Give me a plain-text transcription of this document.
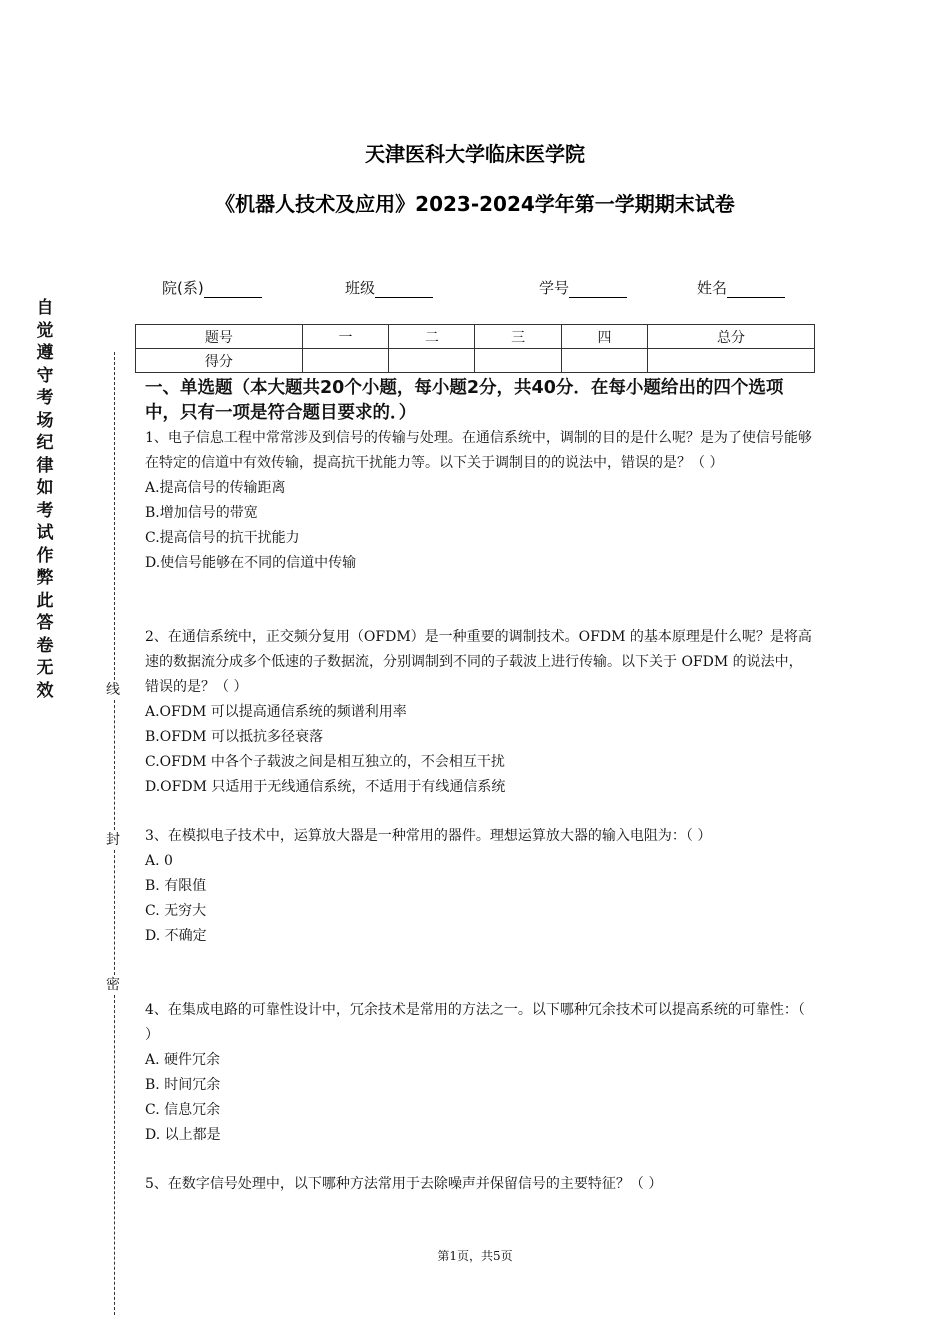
天津医科大学临床医学院
《机器人技术及应用》2023-2024学年第一学期期末试卷
院(系)	班级	学号	姓名
题号	一	二	三	四	总分
得分					
自觉遵守考场纪律如考试作弊此答卷无效	线
封
密
一、单选题（本大题共20个小题，每小题2分，共40分．在每小题给出的四个选项中，只有一项是符合题目要求的．）

1、电子信息工程中常常涉及到信号的传输与处理。在通信系统中，调制的目的是什么呢？是为了使信号能够在特定的信道中有效传输，提高抗干扰能力等。以下关于调制目的的说法中，错误的是？（ ）

A.提高信号的传输距离

B.增加信号的带宽

C.提高信号的抗干扰能力

D.使信号能够在不同的信道中传输

2、在通信系统中，正交频分复用（OFDM）是一种重要的调制技术。OFDM 的基本原理是什么呢？是将高速的数据流分成多个低速的子数据流，分别调制到不同的子载波上进行传输。以下关于 OFDM 的说法中，错误的是？（ ）

A.OFDM 可以提高通信系统的频谱利用率

B.OFDM 可以抵抗多径衰落

C.OFDM 中各个子载波之间是相互独立的，不会相互干扰

D.OFDM 只适用于无线通信系统，不适用于有线通信系统

3、在模拟电子技术中，运算放大器是一种常用的器件。理想运算放大器的输入电阻为：（ ）

A. 0

B. 有限值

C. 无穷大

D. 不确定

4、在集成电路的可靠性设计中，冗余技术是常用的方法之一。以下哪种冗余技术可以提高系统的可靠性：（ ）

A. 硬件冗余

B. 时间冗余

C. 信息冗余

D. 以上都是

5、在数字信号处理中，以下哪种方法常用于去除噪声并保留信号的主要特征？（ ）

第1页，共5页
